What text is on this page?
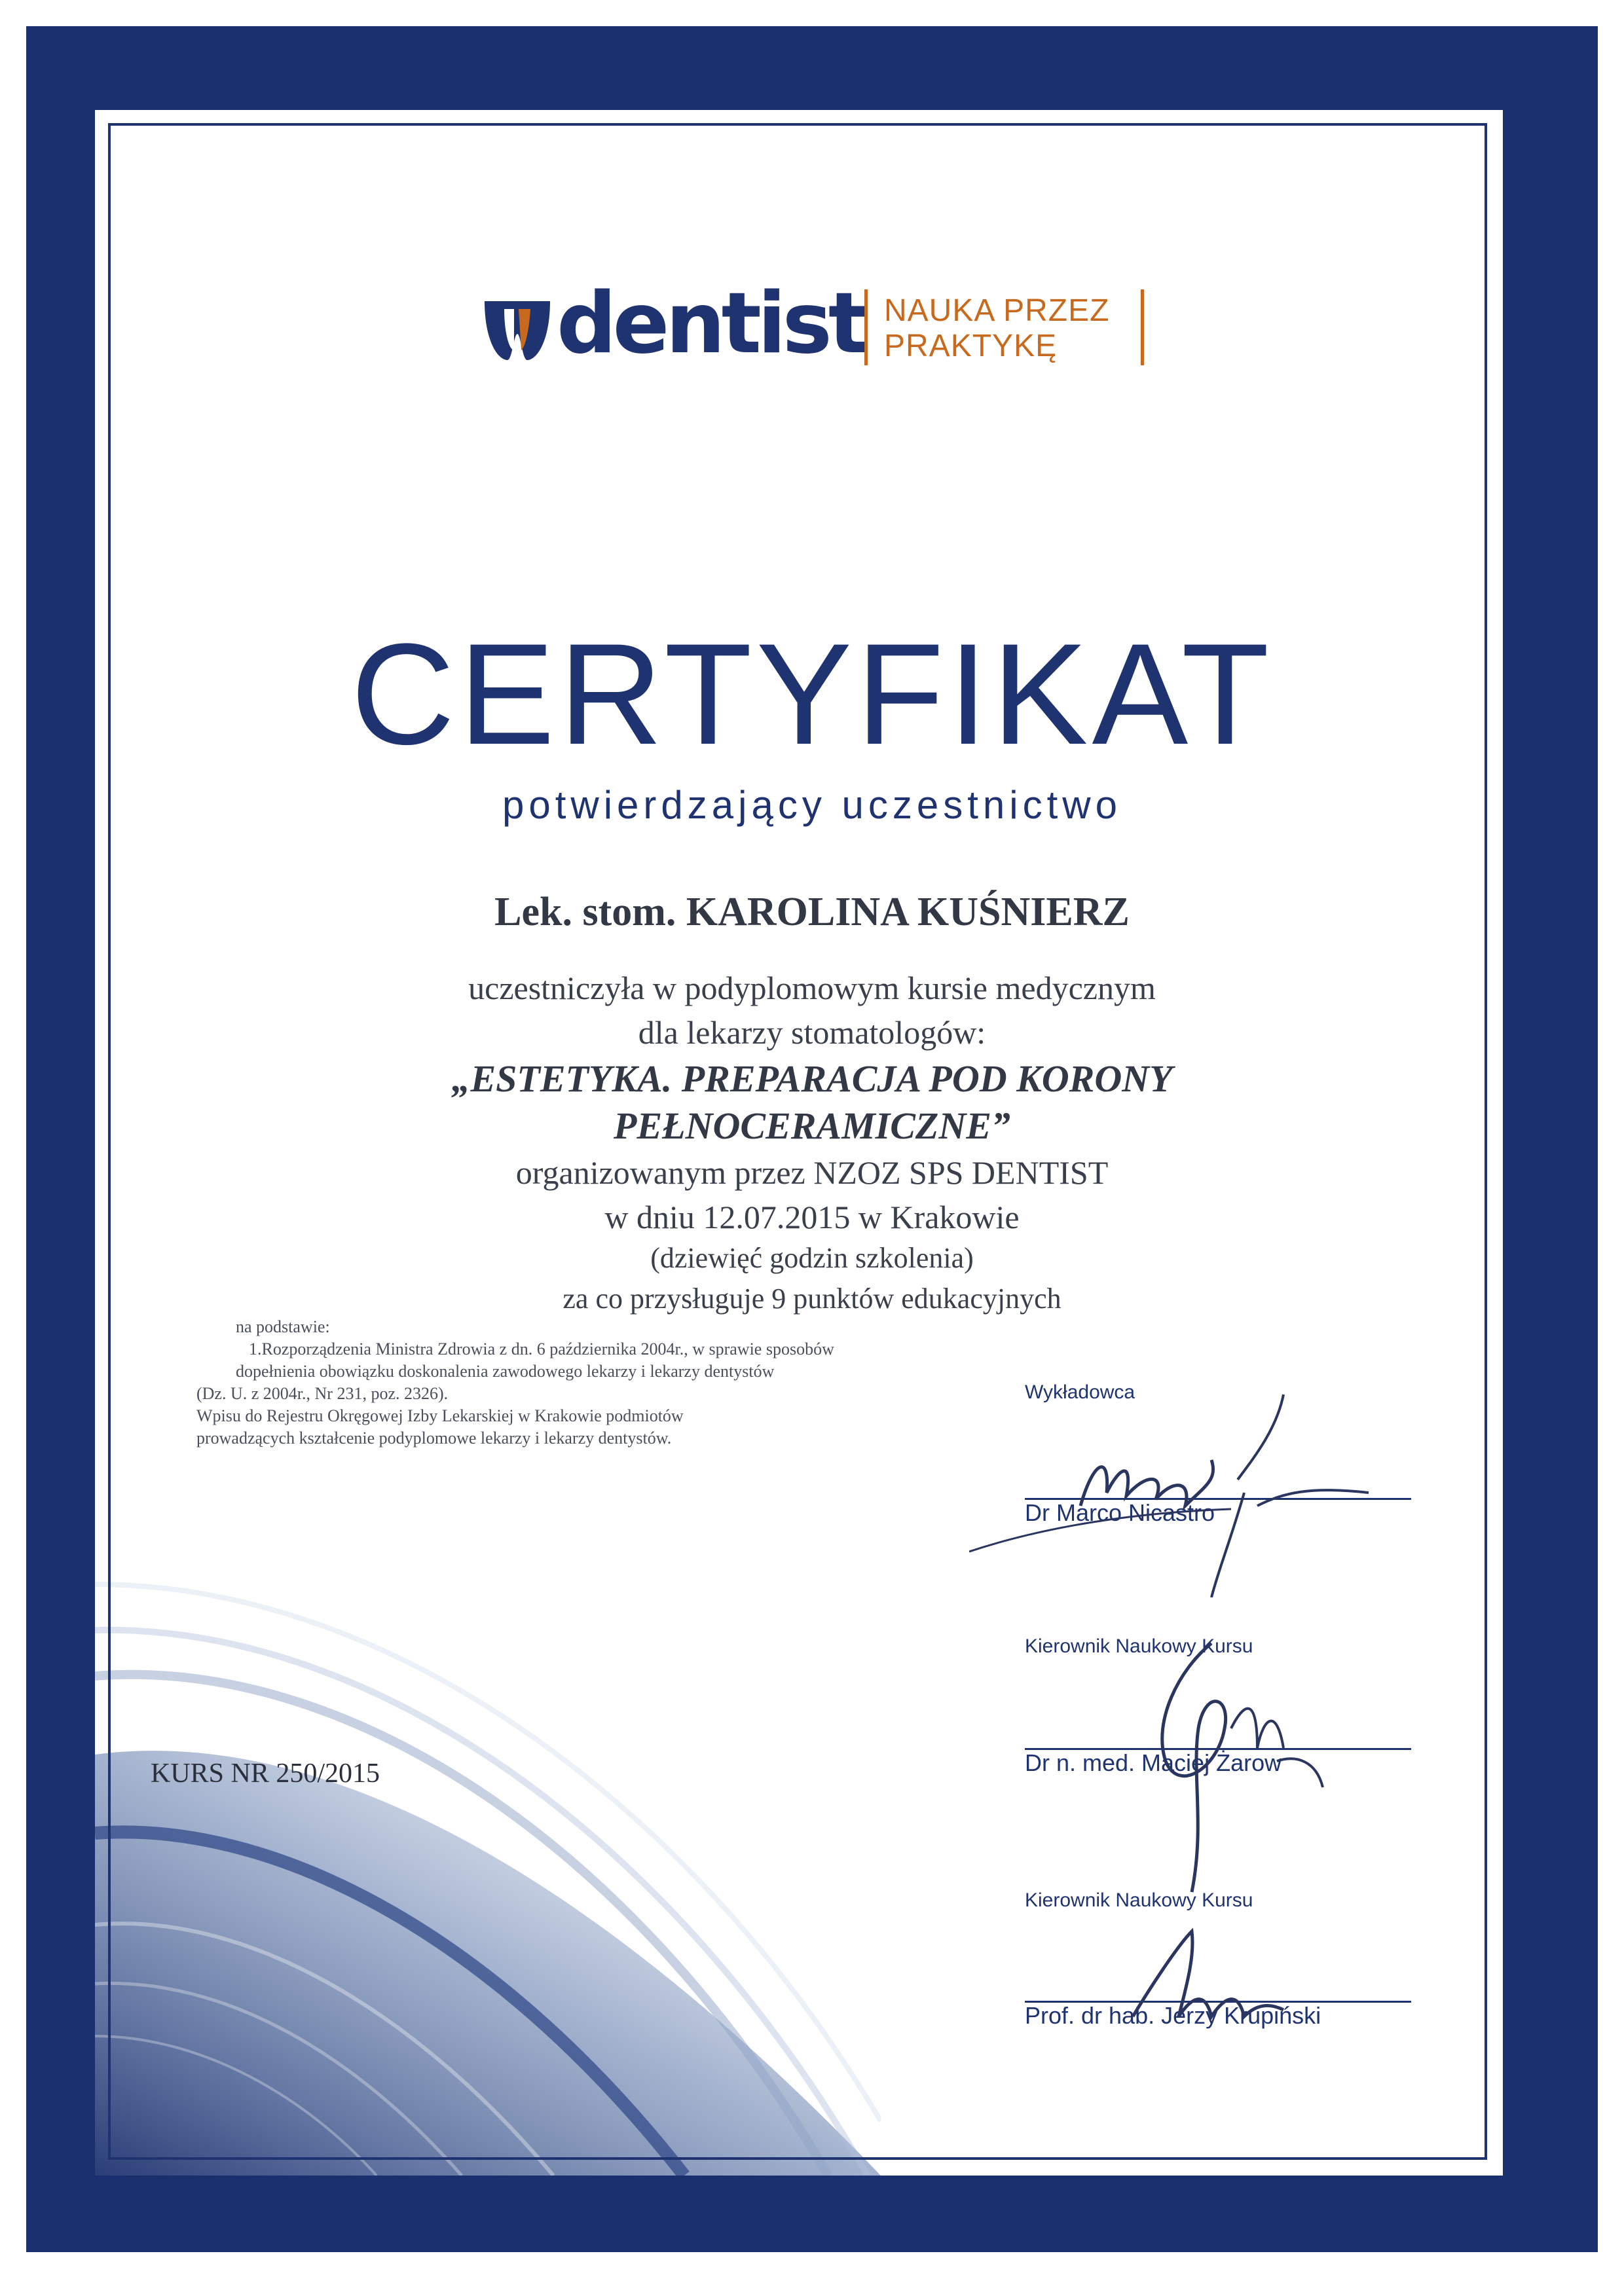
dentist NAUKA PRZEZ
PRAKTYKĘ
CERTYFIKAT
potwierdzający uczestnictwo
Lek. stom. KAROLINA KUŚNIERZ
uczestniczyła w podyplomowym kursie medycznym
dla lekarzy stomatologów:
„ESTETYKA. PREPARACJA POD KORONY
PEŁNOCERAMICZNE”
organizowanym przez NZOZ SPS DENTIST
w dniu 12.07.2015 w Krakowie
(dziewięć godzin szkolenia)
za co przysługuje 9 punktów edukacyjnych
na podstawie:
1.Rozporządzenia Ministra Zdrowia z dn. 6 października 2004r., w sprawie sposobów
dopełnienia obowiązku doskonalenia zawodowego lekarzy i lekarzy dentystów
(Dz. U. z 2004r., Nr 231, poz. 2326).
Wpisu do Rejestru Okręgowej Izby Lekarskiej w Krakowie podmiotów
prowadzących kształcenie podyplomowe lekarzy i lekarzy dentystów.
KURS NR 250/2015
Wykładowca
Dr Marco Nicastro
Kierownik Naukowy Kursu
Dr n. med. Maciej Żarow
Kierownik Naukowy Kursu
Prof. dr hab. Jerzy Krupiński
